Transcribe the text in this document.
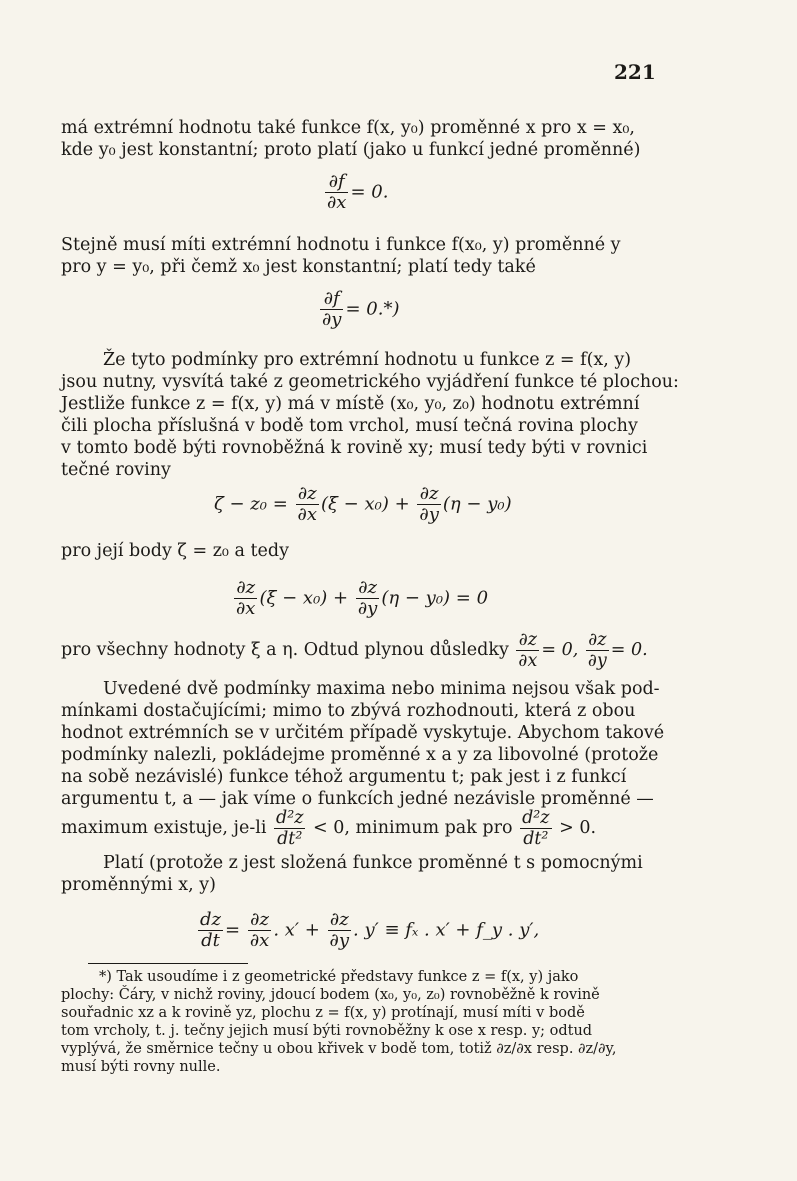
221
má extrémní hodnotu také funkce f(x, y₀) proměnné x pro x = x₀,
kde y₀ jest konstantní; proto platí (jako u funkcí jedné proměnné)
$\frac{\partial f}{\partial x} = 0$.
Stejně musí míti extrémní hodnotu i funkce f(x₀, y) proměnné y
pro y = y₀, při čemž x₀ jest konstantní; platí tedy také
$\frac{\partial f}{\partial y} = 0.*$)
Že tyto podmínky pro extrémní hodnotu u funkce z = f(x, y)
jsou nutny, vysvítá také z geometrického vyjádření funkce té plochou:
Jestliže funkce z = f(x, y) má v místě (x₀, y₀, z₀) hodnotu extrémní
čili plocha příslušná v bodě tom vrchol, musí tečná rovina plochy
v tomto bodě býti rovnoběžná k rovině xy; musí tedy býti v rovnici
tečné roviny
$\zeta - z_0 = \frac{\partial z}{\partial x} (\xi - x_0) + \frac{\partial z}{\partial y} (\eta - y_0)$
pro její body ζ = z₀ a tedy
$\frac{\partial z}{\partial x} (\xi - x_0) + \frac{\partial z}{\partial y} (\eta - y_0) = 0$
pro všechny hodnoty ξ a η. Odtud plynou důsledky $\frac{\partial z}{\partial x} = 0$, $\frac{\partial z}{\partial y} = 0$.
Uvedené dvě podmínky maxima nebo minima nejsou však pod-
mínkami dostačujícími; mimo to zbývá rozhodnouti, která z obou
hodnot extrémních se v určitém případě vyskytuje. Abychom takové
podmínky nalezli, pokládejme proměnné x a y za libovolné (protože
na sobě nezávislé) funkce téhož argumentu t; pak jest i z funkcí
argumentu t, a — jak víme o funkcích jedné nezávisle proměnné —
maximum existuje, $je-li \frac{\text{d²z}}{\text{dt²}} < 0$, minimum pak pro $\frac{\text{d²z}}{\text{dt²}} > 0$.
Platí (protože z jest složená funkce proměnné t s pomocnými
proměnnými x, y)
$\frac{dz}{dt} = \frac{\partial z}{\partial x}$ . $x' + \frac{\partial z}{\partial y}$ . y′ ≡ fₓ . x′ + f_y . y′,
*) Tak usoudíme i z geometrické představy funkce z = f(x, y) jako
plochy: Čáry, v nichž roviny, jdoucí bodem (x₀, y₀, z₀) rovnoběžně k rovině
souřadnic xz a k rovině yz, plochu z = f(x, y) protínají, musí míti v bodě
tom vrcholy, t. j. tečny jejich musí býti rovnoběžny k ose x resp. y; odtud
vyplývá, že směrnice tečny u obou křivek v bodě tom, totiž ∂z/∂x resp. ∂z/∂y,
musí býti rovny nulle.
